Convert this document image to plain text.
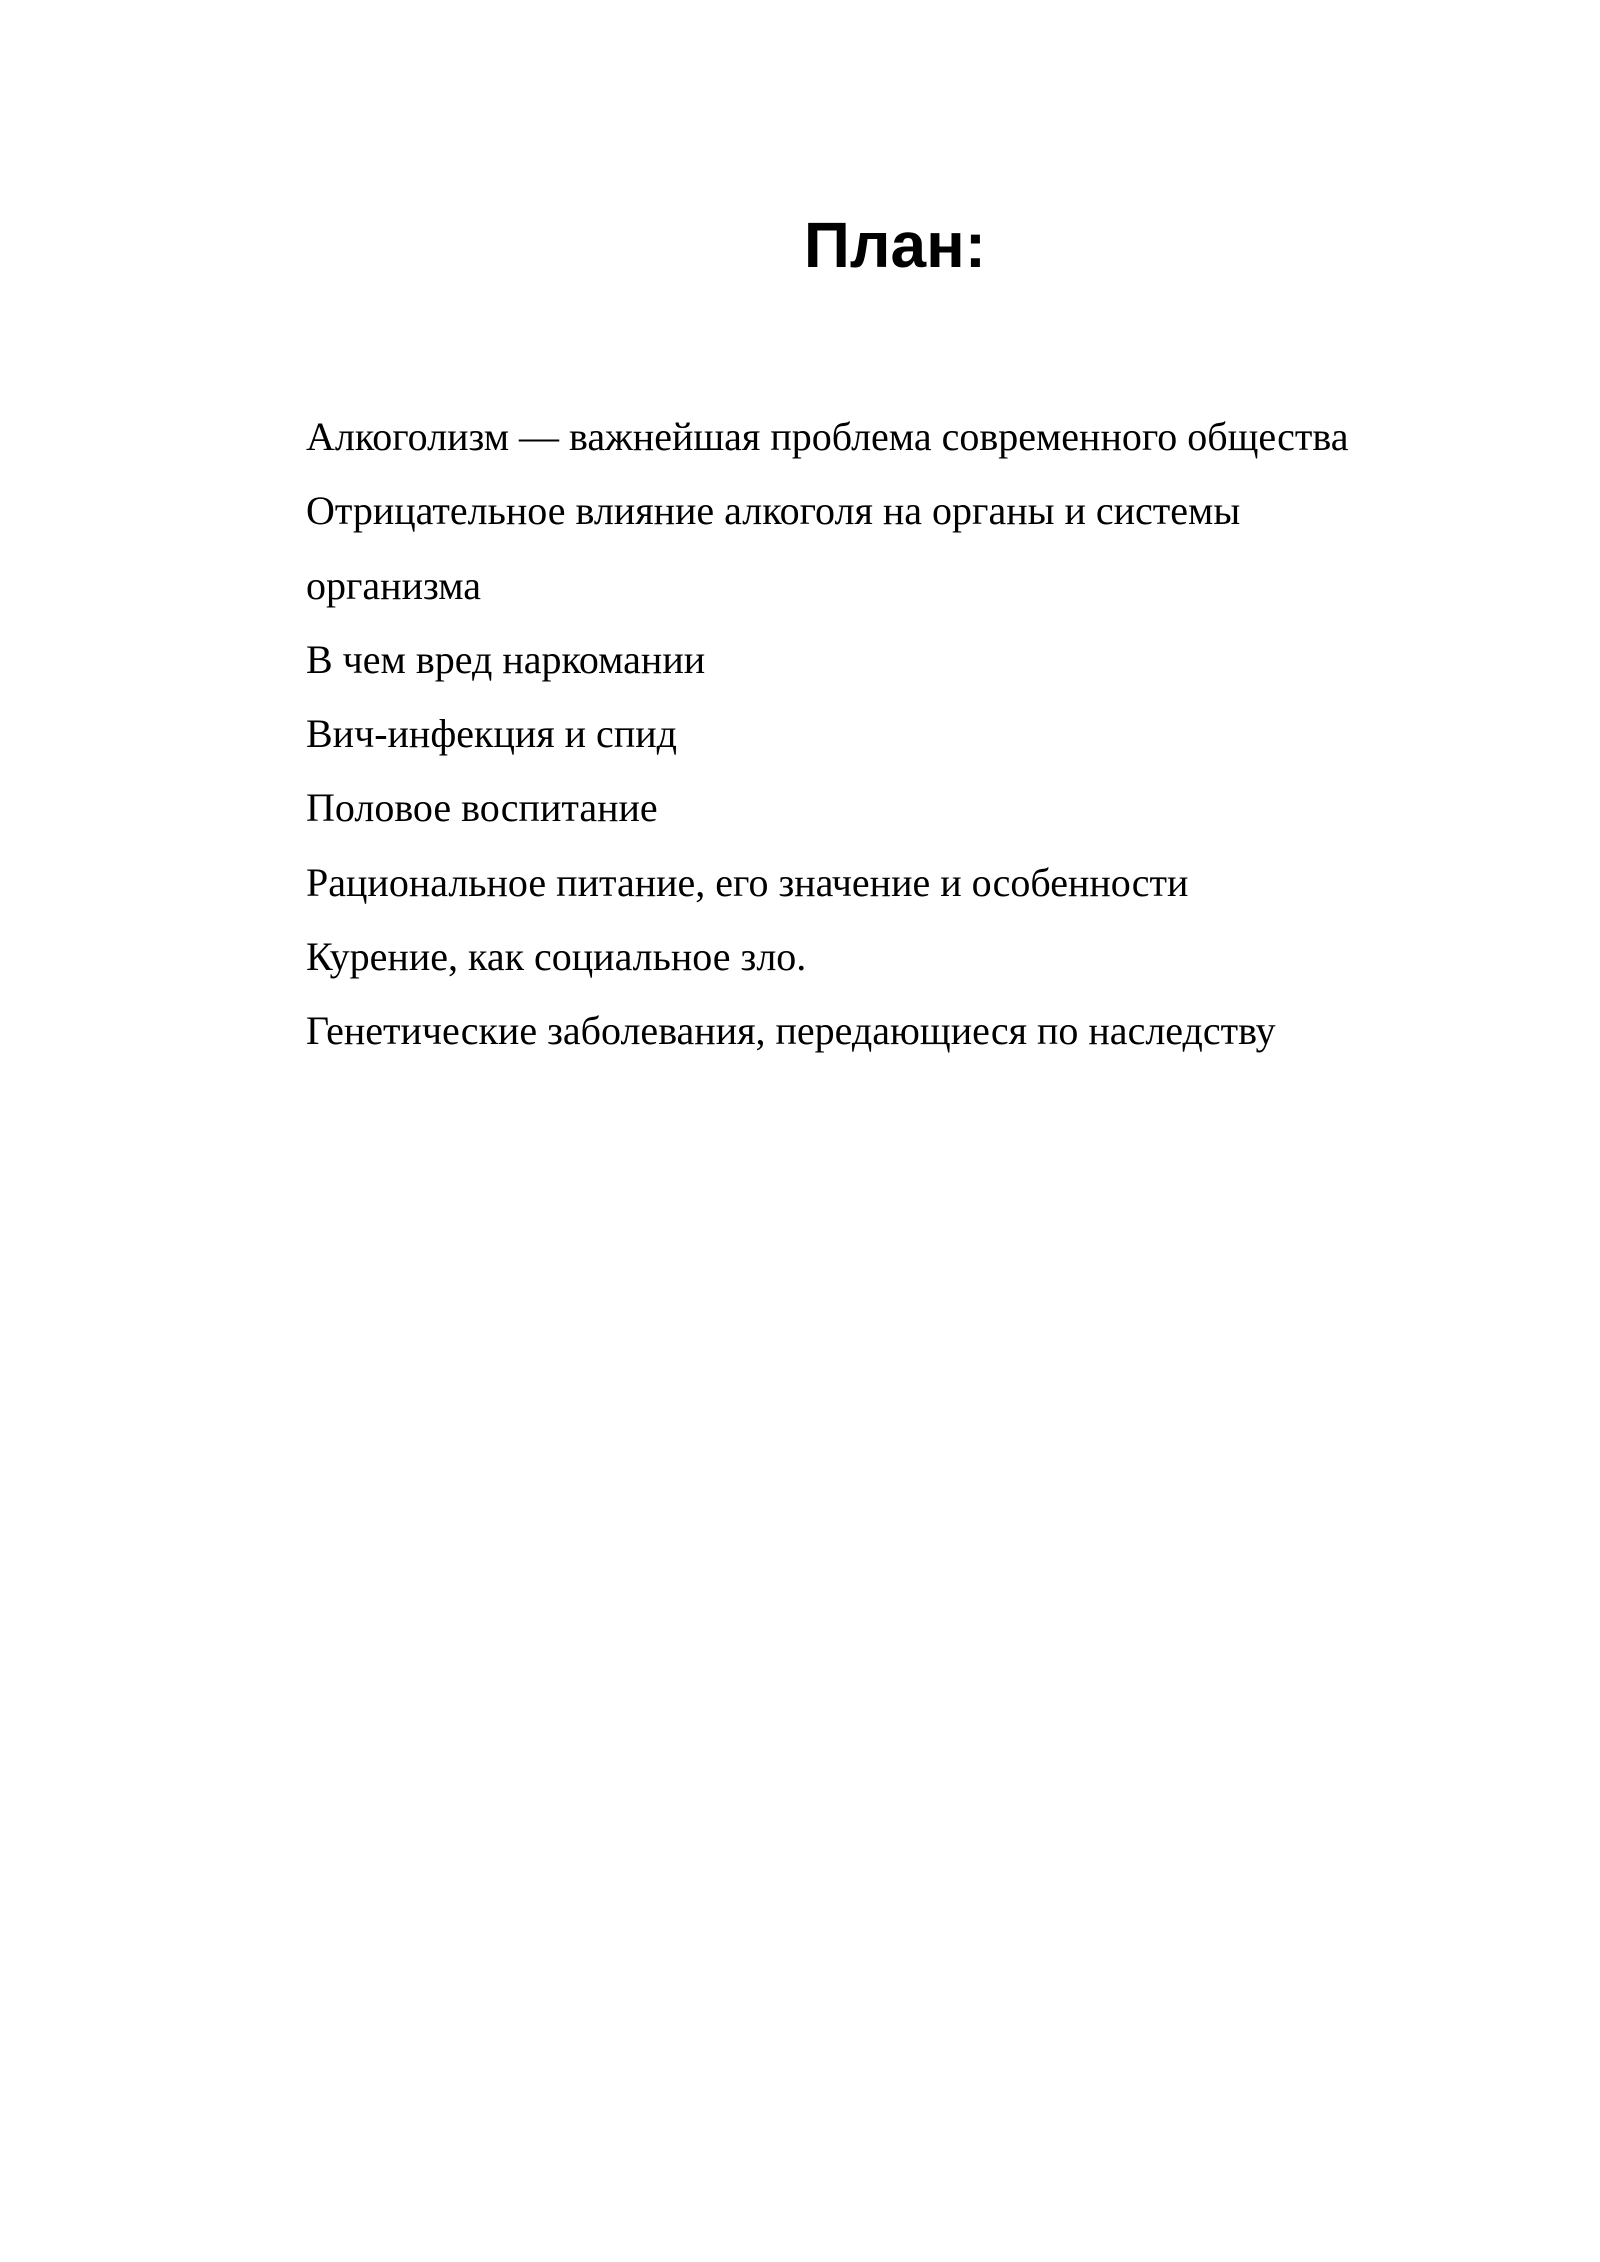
План:
Алкоголизм — важнейшая проблема современного общества
Отрицательное влияние алкоголя на органы и системы
организма
В чем вред наркомании
Вич-инфекция и спид
Половое воспитание
Рациональное питание, его значение и особенности
Курение, как социальное зло.
Генетические заболевания, передающиеся по наследству
